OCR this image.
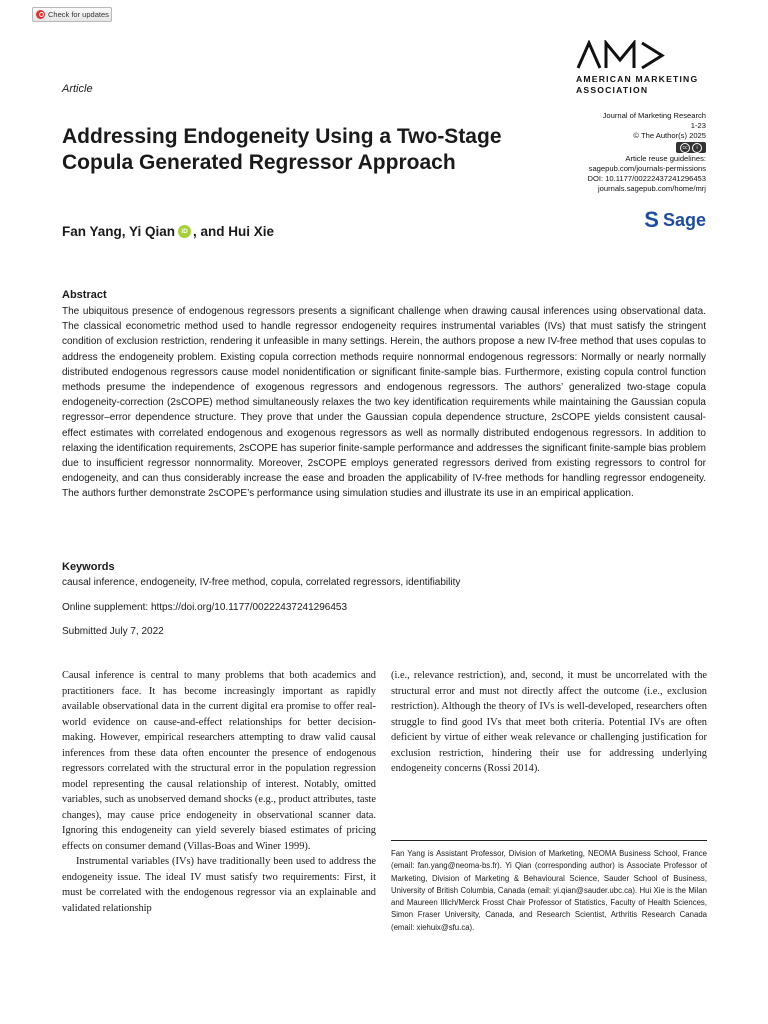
Check for updates
AMERICAN MARKETING
ASSOCIATION
Article
Journal of Marketing Research
1-23
© The Author(s) 2025
cc	i
Article reuse guidelines:
sagepub.com/journals-permissions
DOI: 10.1177/00222437241296453
journals.sagepub.com/home/mrj
S Sage
Addressing Endogeneity Using a Two-Stage Copula Generated Regressor Approach
Fan Yang, Yi Qian iD , and Hui Xie
Abstract

The ubiquitous presence of endogenous regressors presents a significant challenge when drawing causal inferences using observational data. The classical econometric method used to handle regressor endogeneity requires instrumental variables (IVs) that must satisfy the stringent condition of exclusion restriction, rendering it unfeasible in many settings. Herein, the authors propose a new IV-free method that uses copulas to address the endogeneity problem. Existing copula correction methods require nonnormal endogenous regressors: Normally or nearly normally distributed endogenous regressors cause model nonidentification or significant finite-sample bias. Furthermore, existing copula control function methods presume the independence of exogenous regressors and endogenous regressors. The authors’ generalized two-stage copula endogeneity-correction (2sCOPE) method simultaneously relaxes the two key identification requirements while maintaining the Gaussian copula regressor–error dependence structure. They prove that under the Gaussian copula dependence structure, 2sCOPE yields consistent causal-effect estimates with correlated endogenous and exogenous regressors as well as normally distributed endogenous regressors. In addition to relaxing the identification requirements, 2sCOPE has superior finite-sample performance and addresses the significant finite-sample bias problem due to insufficient regressor nonnormality. Moreover, 2sCOPE employs generated regressors derived from existing regressors to control for endogeneity, and can thus considerably increase the ease and broaden the applicability of IV-free methods for handling regressor endogeneity. The authors further demonstrate 2sCOPE’s performance using simulation studies and illustrate its use in an empirical application.

Keywords
causal inference, endogeneity, IV-free method, copula, correlated regressors, identifiability
Online supplement: https://doi.org/10.1177/00222437241296453
Submitted July 7, 2022

Causal inference is central to many problems that both academics and practitioners face. It has become increasingly important as rapidly available observational data in the current digital era promise to offer real-world evidence on cause-and-effect relationships for better decision-making. However, empirical researchers attempting to draw valid causal inferences from these data often encounter the presence of endogenous regressors correlated with the structural error in the population regression model representing the causal relationship of interest. Notably, omitted variables, such as unobserved demand shocks (e.g., product attributes, taste changes), may cause price endogeneity in observational scanner data. Ignoring this endogeneity can yield severely biased estimates of pricing effects on consumer demand (Villas-Boas and Winer 1999).

Instrumental variables (IVs) have traditionally been used to address the endogeneity issue. The ideal IV must satisfy two requirements: First, it must be correlated with the endogenous regressor via an explainable and validated relationship

(i.e., relevance restriction), and, second, it must be uncorrelated with the structural error and must not directly affect the outcome (i.e., exclusion restriction). Although the theory of IVs is well-developed, researchers often struggle to find good IVs that meet both criteria. Potential IVs are often deficient by virtue of either weak relevance or challenging justification for exclusion restriction, hindering their use for addressing underlying endogeneity concerns (Rossi 2014).

Fan Yang is Assistant Professor, Division of Marketing, NEOMA Business School, France (email: fan.yang@neoma-bs.fr). Yi Qian (corresponding author) is Associate Professor of Marketing, Division of Marketing & Behavioural Science, Sauder School of Business, University of British Columbia, Canada (email: yi.qian@sauder.ubc.ca). Hui Xie is the Milan and Maureen Illich/Merck Frosst Chair Professor of Statistics, Faculty of Health Sciences, Simon Fraser University, Canada, and Research Scientist, Arthritis Research Canada (email: xiehuix@sfu.ca).
